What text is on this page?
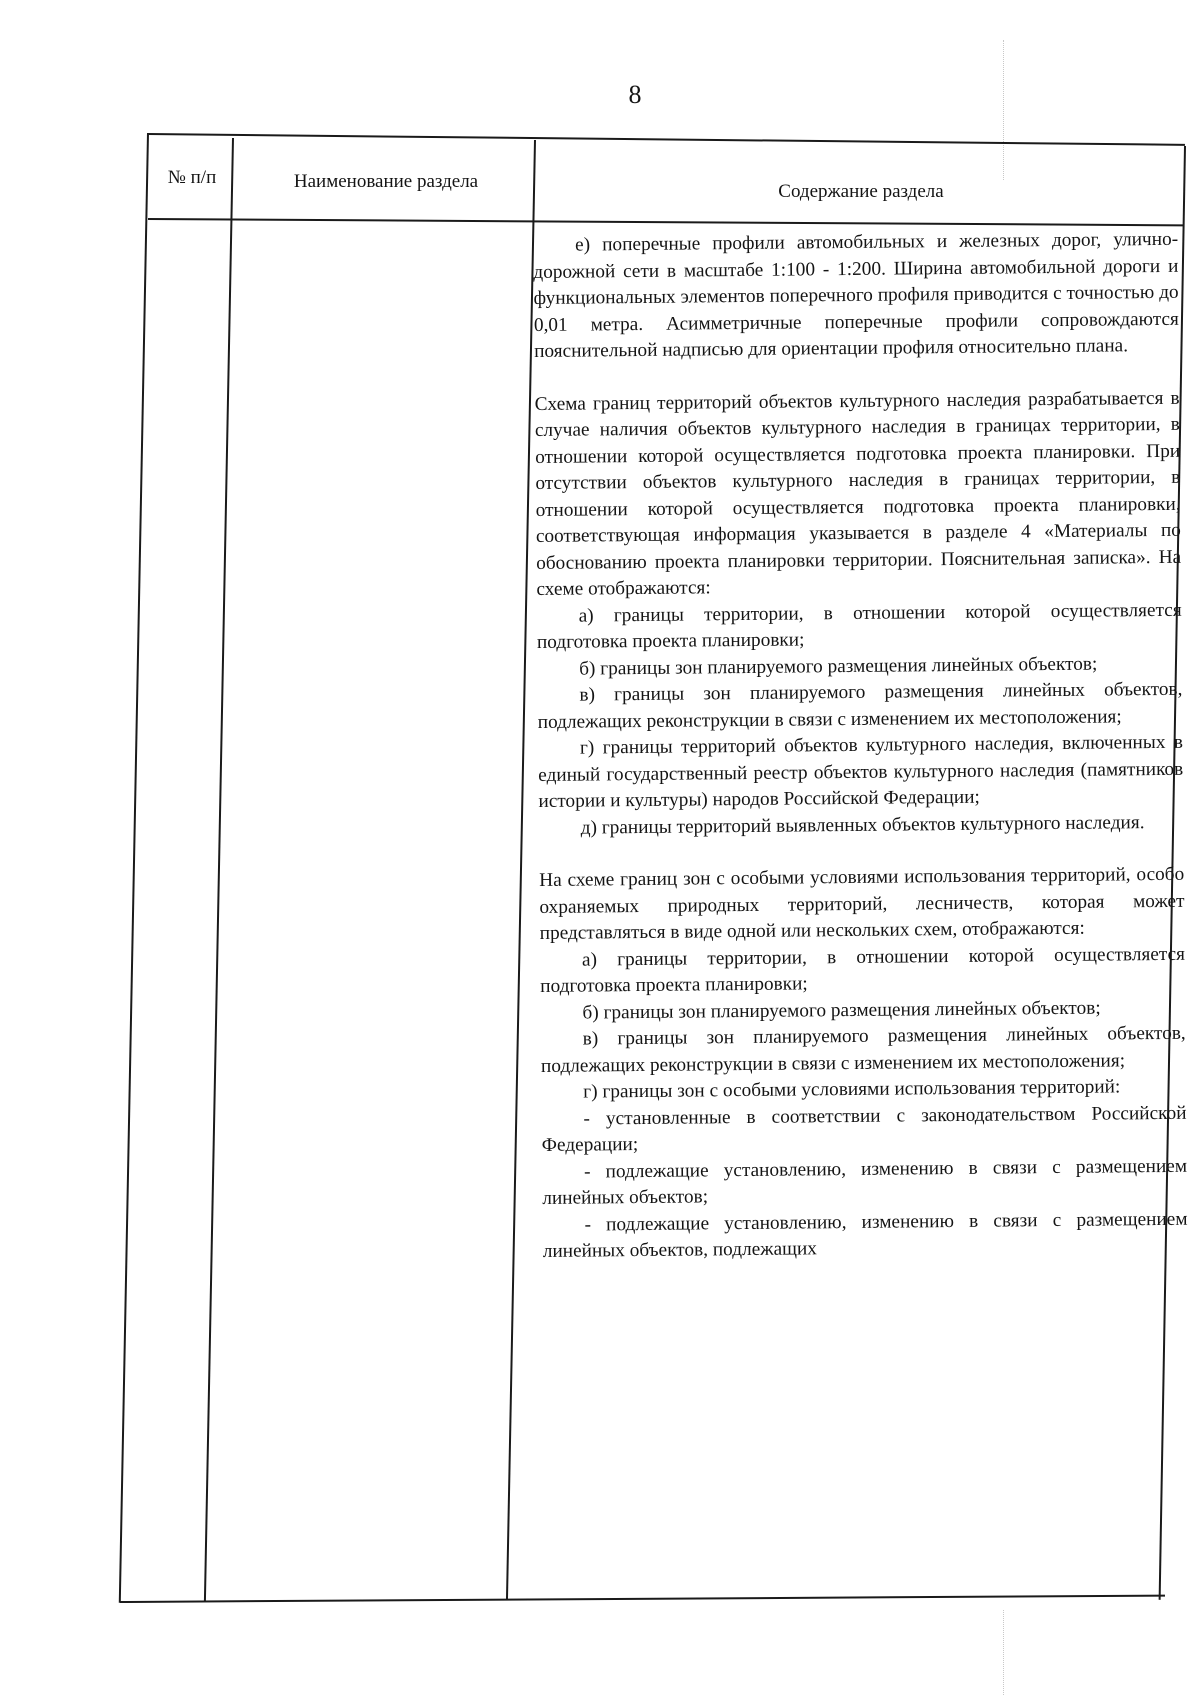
8
№ п/п	Наименование раздела	Содержание раздела

е) поперечные профили автомобильных и железных дорог, улично-дорожной сети в масштабе 1:100 - 1:200. Ширина автомобильной дороги и функциональных элементов поперечного профиля приводится с точностью до 0,01 метра. Асимметричные поперечные профили сопровождаются пояснительной надписью для ориентации профиля относительно плана.

Схема границ территорий объектов культурного наследия разрабатывается в случае наличия объектов культурного наследия в границах территории, в отношении которой осуществляется подготовка проекта планировки. При отсутствии объектов культурного наследия в границах территории, в отношении которой осуществляется подготовка проекта планировки, соответствующая информация указывается в разделе 4 «Материалы по обоснованию проекта планировки территории. Пояснительная записка». На схеме отображаются:

а) границы территории, в отношении которой осуществляется подготовка проекта планировки;

б) границы зон планируемого размещения линейных объектов;

в) границы зон планируемого размещения линейных объектов, подлежащих реконструкции в связи с изменением их местоположения;

г) границы территорий объектов культурного наследия, включенных в единый государственный реестр объектов культурного наследия (памятников истории и культуры) народов Российской Федерации;

д) границы территорий выявленных объектов культурного наследия.

На схеме границ зон с особыми условиями использования территорий, особо охраняемых природных территорий, лесничеств, которая может представляться в виде одной или нескольких схем, отображаются:

а) границы территории, в отношении которой осуществляется подготовка проекта планировки;

б) границы зон планируемого размещения линейных объектов;

в) границы зон планируемого размещения линейных объектов, подлежащих реконструкции в связи с изменением их местоположения;

г) границы зон с особыми условиями использования территорий:

- установленные в соответствии с законодательством Российской Федерации;

- подлежащие установлению, изменению в связи с размещением линейных объектов;

- подлежащие установлению, изменению в связи с размещением линейных объектов, подлежащих
